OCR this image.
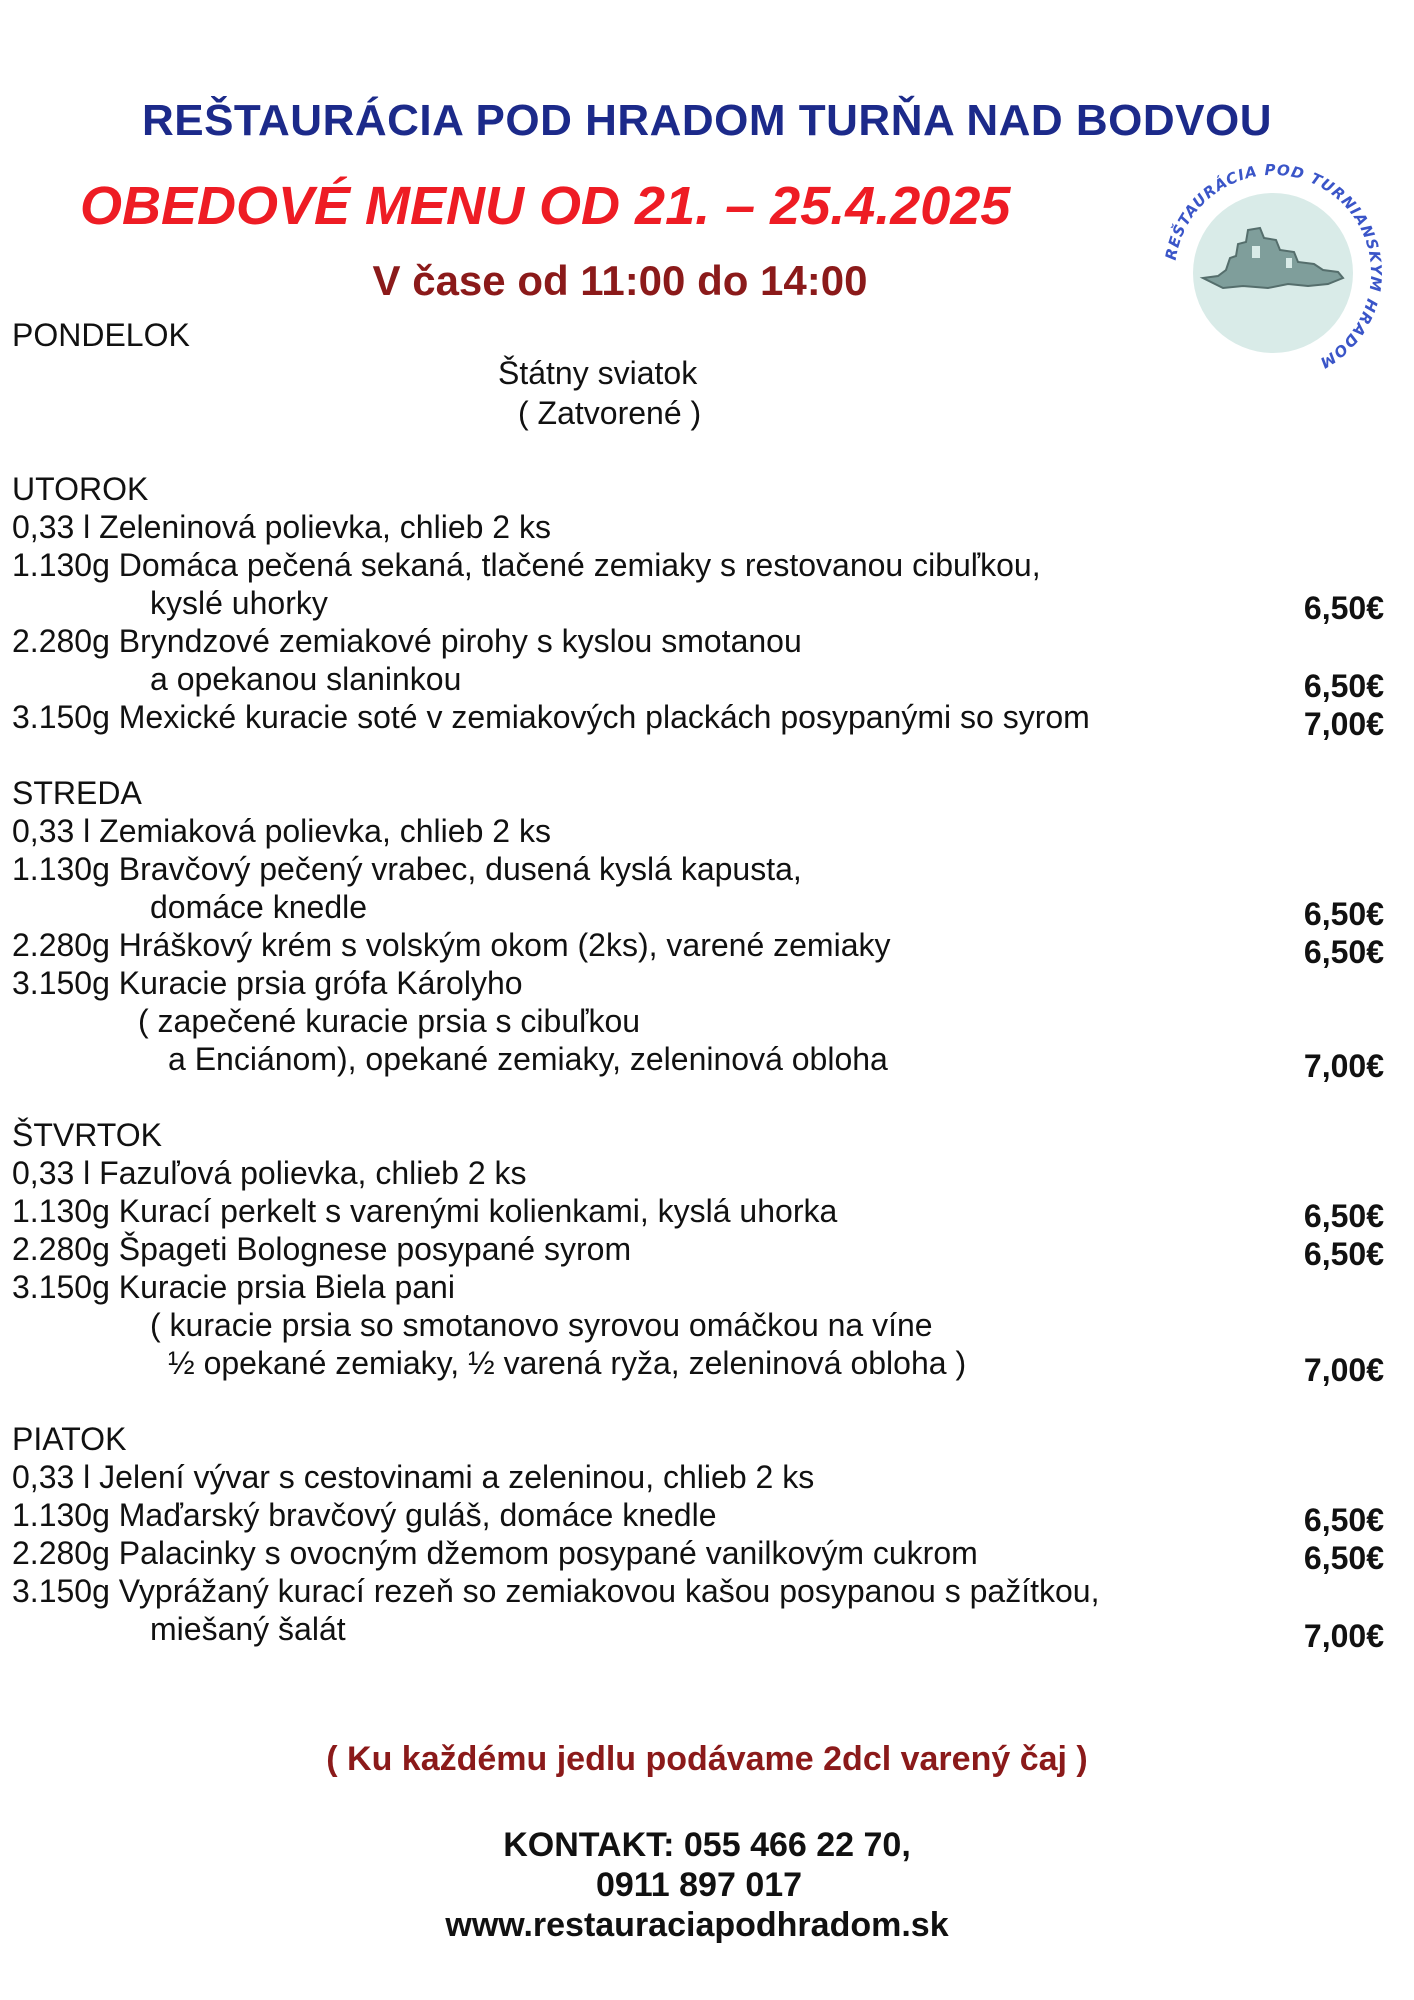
REŠTAURÁCIA POD HRADOM TURŇA NAD BODVOU
OBEDOVÉ MENU OD 21. – 25.4.2025
V čase od 11:00 do 14:00
REŠTAURÁCIA POD TURNIANSKYM HRADOM
PONDELOK
Štátny sviatok
( Zatvorené )
UTOROK
0,33 l Zeleninová polievka, chlieb 2 ks
1.130g Domáca pečená sekaná, tlačené zemiaky s restovanou cibuľkou,
kyslé uhorky	6,50€
2.280g Bryndzové zemiakové pirohy s kyslou smotanou
a opekanou slaninkou	6,50€
3.150g Mexické kuracie soté v zemiakových plackách posypanými so syrom	7,00€
STREDA
0,33 l Zemiaková polievka, chlieb 2 ks
1.130g Bravčový pečený vrabec, dusená kyslá kapusta,
domáce knedle	6,50€
2.280g Hráškový krém s volským okom (2ks), varené zemiaky	6,50€
3.150g Kuracie prsia grófa Károlyho
( zapečené kuracie prsia s cibuľkou
a Enciánom), opekané zemiaky, zeleninová obloha	7,00€
ŠTVRTOK
0,33 l Fazuľová polievka, chlieb 2 ks
1.130g Kurací perkelt s varenými kolienkami, kyslá uhorka	6,50€
2.280g Špageti Bolognese posypané syrom	6,50€
3.150g Kuracie prsia Biela pani
( kuracie prsia so smotanovo syrovou omáčkou na víne
½ opekané zemiaky, ½ varená ryža, zeleninová obloha )	7,00€
PIATOK
0,33 l Jelení vývar s cestovinami a zeleninou, chlieb 2 ks
1.130g Maďarský bravčový guláš, domáce knedle	6,50€
2.280g Palacinky s ovocným džemom posypané vanilkovým cukrom	6,50€
3.150g Vyprážaný kurací rezeň so zemiakovou kašou posypanou s pažítkou,
miešaný šalát	7,00€
( Ku každému jedlu podávame 2dcl varený čaj )
KONTAKT: 055 466 22 70,
0911 897 017
www.restauraciapodhradom.sk
